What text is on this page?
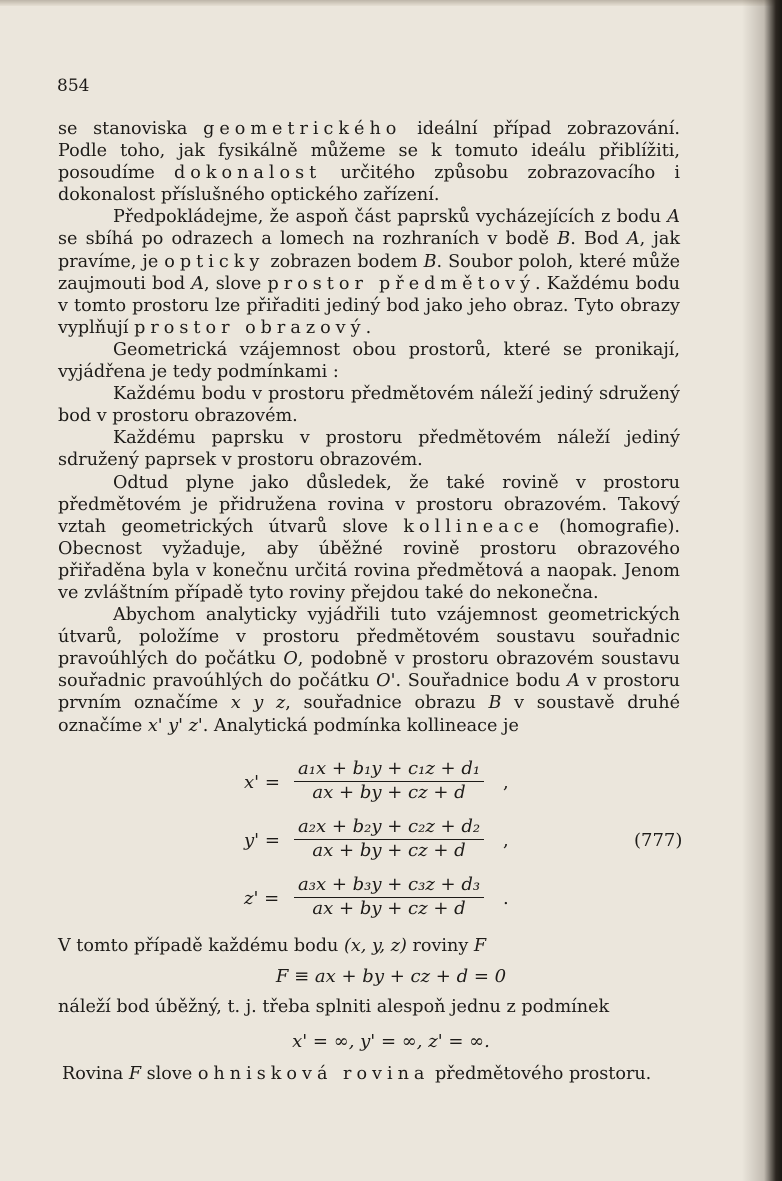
854

se stanoviska geometrického ideální případ zobrazování. Podle toho, jak fysikálně můžeme se k tomuto ideálu přiblížiti, posoudíme dokonalost určitého způsobu zobrazovacího i dokonalost příslušného optického zařízení.

Předpokládejme, že aspoň část paprsků vycházejících z bodu A se sbíhá po odrazech a lomech na rozhraních v bodě B. Bod A, jak pravíme, je opticky zobrazen bodem B. Soubor poloh, které může zaujmouti bod A, slove prostor předmětový. Každému bodu v tomto prostoru lze přiřaditi jediný bod jako jeho obraz. Tyto obrazy vyplňují prostor obrazový.

Geometrická vzájemnost obou prostorů, které se pronikají, vyjádřena je tedy podmínkami :

Každému bodu v prostoru předmětovém náleží jediný sdružený bod v prostoru obrazovém.

Každému paprsku v prostoru předmětovém náleží jediný sdružený paprsek v prostoru obrazovém.

Odtud plyne jako důsledek, že také rovině v prostoru předmětovém je přidružena rovina v prostoru obrazovém. Takový vztah geometrických útvarů slove kollineace (homografie). Obecnost vyžaduje, aby úběžné rovině prostoru obrazového přiřaděna byla v konečnu určitá rovina předmětová a naopak. Jenom ve zvláštním případě tyto roviny přejdou také do nekonečna.

Abychom analyticky vyjádřili tuto vzájemnost geometrických útvarů, položíme v prostoru předmětovém soustavu souřadnic pravoúhlých do počátku O, podobně v prostoru obrazovém soustavu souřadnic pravoúhlých do počátku O'. Souřadnice bodu A v prostoru prvním označíme x y z, souřadnice obrazu B v soustavě druhé označíme x' y' z'. Analytická podmínka kollineace je

$x' = \frac{\text{a₁x + b₁y + c₁z + d₁}}{ax + by + cz + d}$ ,
$y' = \frac{\text{a₂x + b₂y + c₂z + d₂}}{ax + by + cz + d}$ ,	(777)
$z' = \frac{\text{a₃x + b₃y + c₃z + d₃}}{ax + by + cz + d}$ .
V tomto případě každému bodu (x, y, z) roviny F
F ≡ ax + by + cz + d = 0
náleží bod úběžný, t. j. třeba splniti alespoň jednu z podmínek
x' = ∞, y' = ∞, z' = ∞.
Rovina F slove ohnisková rovina předmětového prostoru.
